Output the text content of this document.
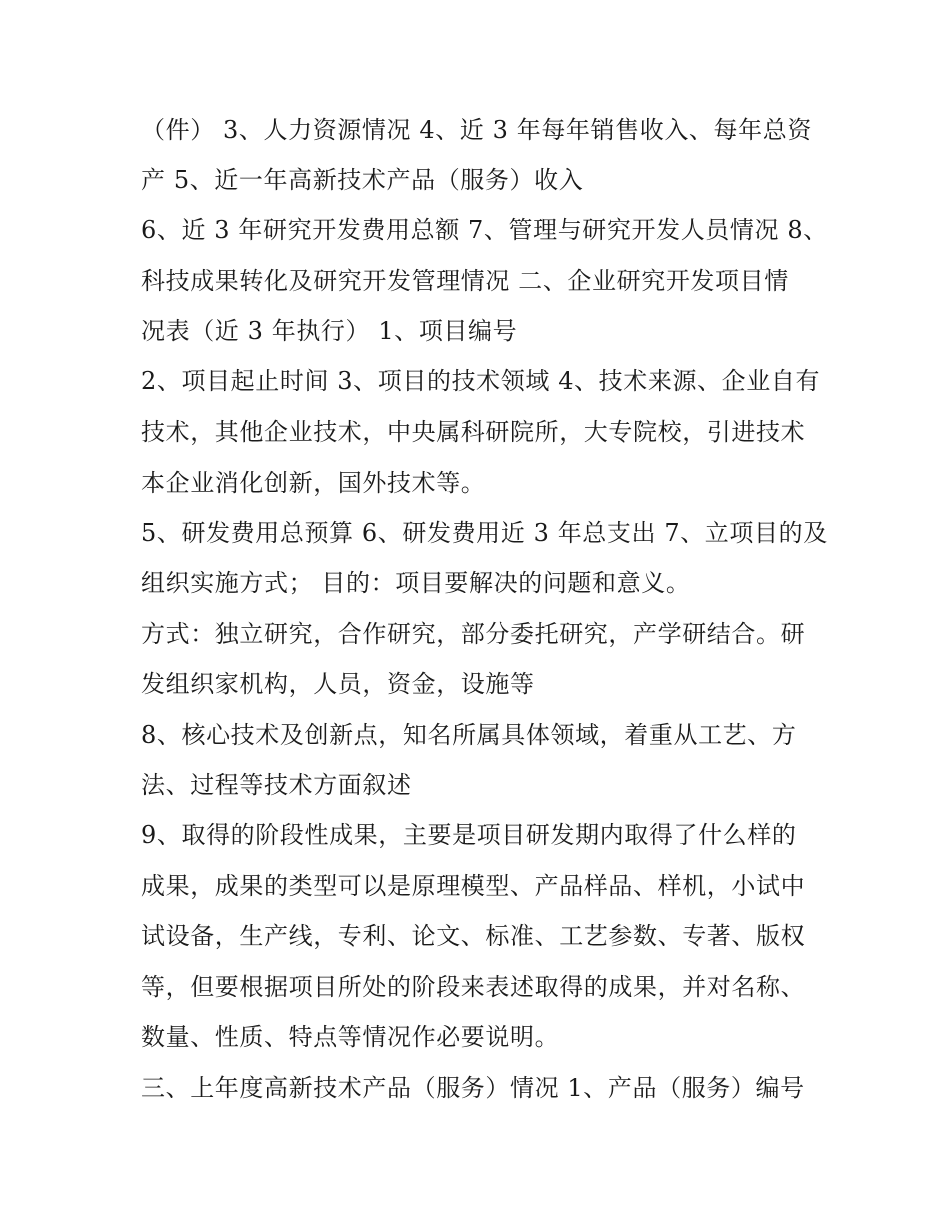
（件） 3、人力资源情况 4、近 3 年每年销售收入、每年总资
产 5、近一年高新技术产品（服务）收入
6、近 3 年研究开发费用总额 7、管理与研究开发人员情况 8、
科技成果转化及研究开发管理情况 二、企业研究开发项目情
况表（近 3 年执行） 1、项目编号
2、项目起止时间 3、项目的技术领域 4、技术来源、企业自有
技术，其他企业技术，中央属科研院所，大专院校，引进技术
本企业消化创新，国外技术等。
5、研发费用总预算 6、研发费用近 3 年总支出 7、立项目的及
组织实施方式； 目的：项目要解决的问题和意义。
方式：独立研究，合作研究，部分委托研究，产学研结合。研
发组织家机构，人员，资金，设施等
8、核心技术及创新点，知名所属具体领域，着重从工艺、方
法、过程等技术方面叙述
9、取得的阶段性成果，主要是项目研发期内取得了什么样的
成果，成果的类型可以是原理模型、产品样品、样机，小试中
试设备，生产线，专利、论文、标准、工艺参数、专著、版权
等，但要根据项目所处的阶段来表述取得的成果，并对名称、
数量、性质、特点等情况作必要说明。
三、上年度高新技术产品（服务）情况 1、产品（服务）编号
